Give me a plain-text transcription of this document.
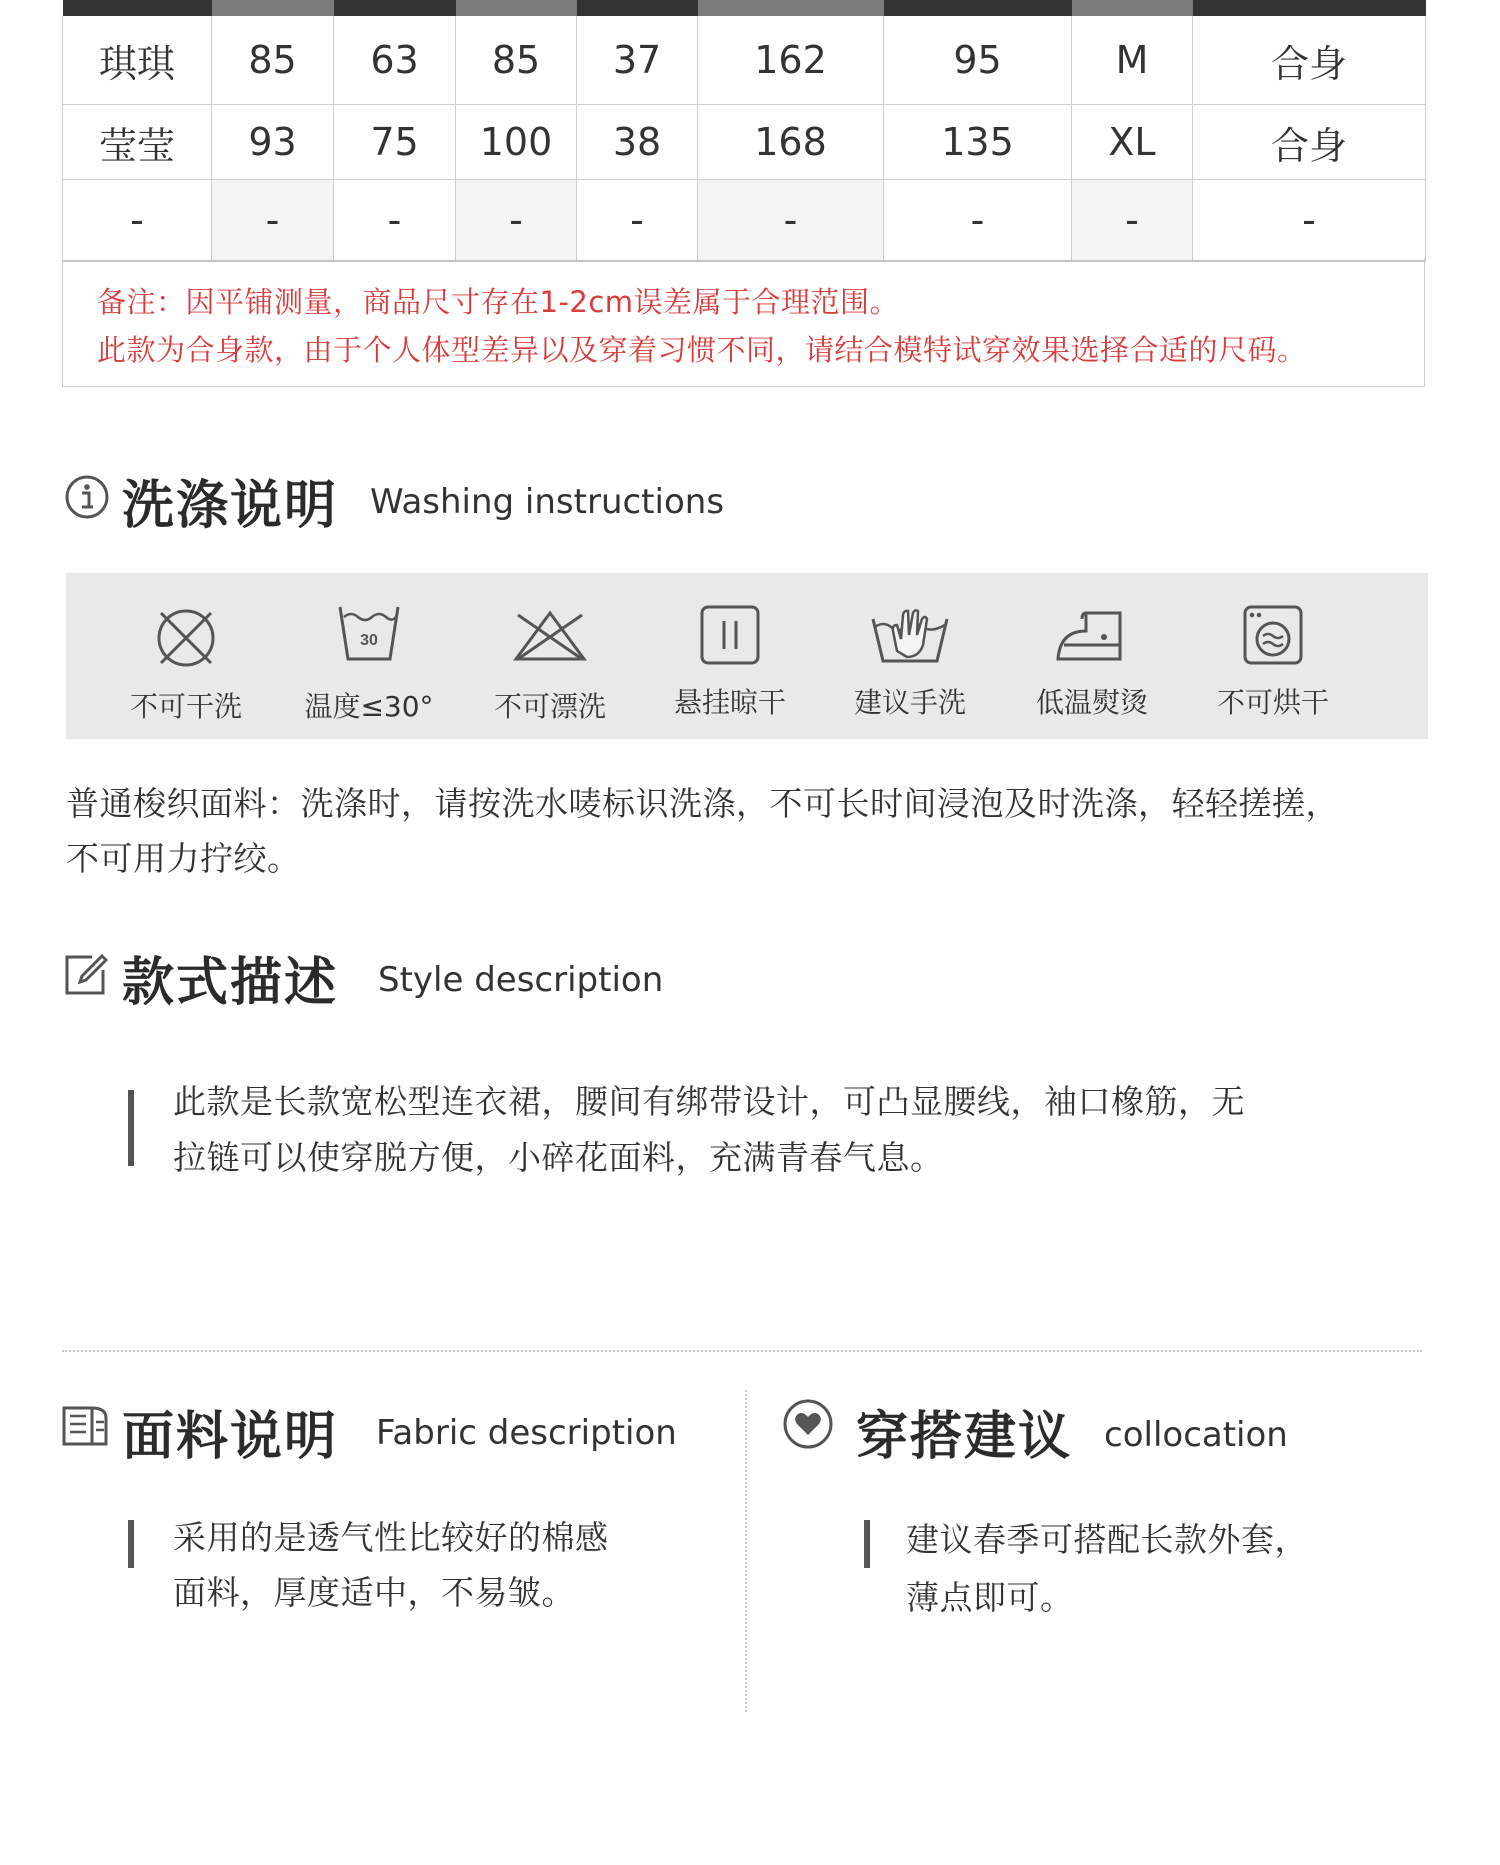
琪琪	85	63	85	37	162	95	M	合身
莹莹	93	75	100	38	168	135	XL	合身
-	-	-	-	-	-	-	-	-
备注：因平铺测量，商品尺寸存在1-2cm误差属于合理范围。
此款为合身款，由于个人体型差异以及穿着习惯不同，请结合模特试穿效果选择合适的尺码。
洗涤说明 Washing instructions
不可干洗
30
温度≤30°	不可漂洗	悬挂晾干	建议手洗	低温熨烫	不可烘干
普通梭织面料：洗涤时，请按洗水唛标识洗涤，不可长时间浸泡及时洗涤，轻轻搓搓，
不可用力拧绞。
款式描述 Style description
此款是长款宽松型连衣裙，腰间有绑带设计，可凸显腰线，袖口橡筋，无
拉链可以使穿脱方便，小碎花面料，充满青春气息。
面料说明 Fabric description
采用的是透气性比较好的棉感
面料，厚度适中，不易皱。
穿搭建议 collocation
建议春季可搭配长款外套，
薄点即可。
